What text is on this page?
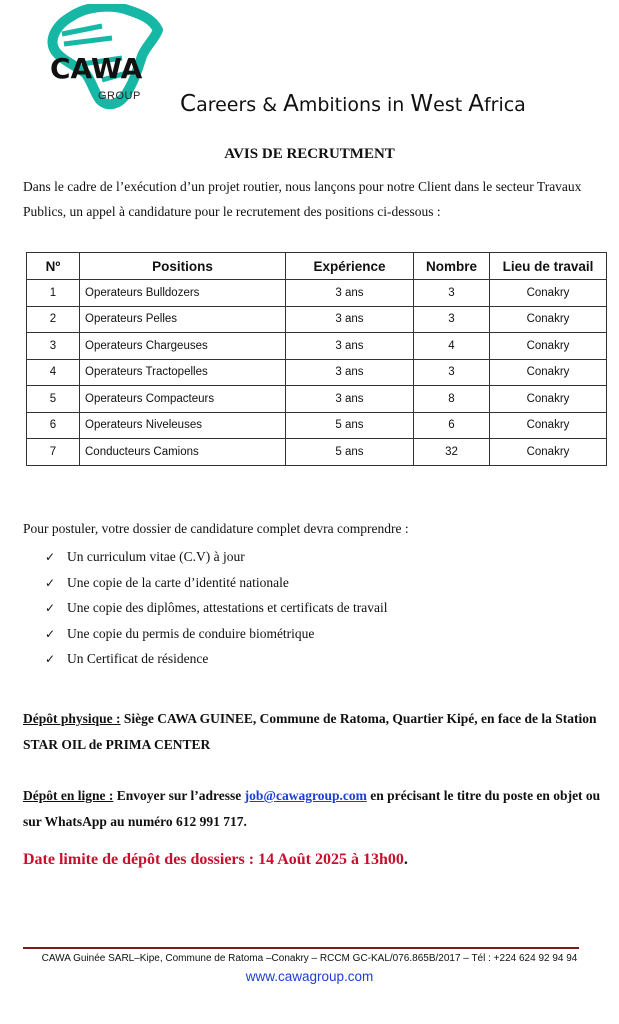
CAWA
GROUP Careers & Ambitions in West Africa
AVIS DE RECRUTMENT
Dans le cadre de l’exécution d’un projet routier, nous lançons pour notre Client dans le secteur Travaux Publics, un appel à candidature pour le recrutement des positions ci-dessous :
Nº	Positions	Expérience	Nombre	Lieu de travail
1	Operateurs Bulldozers	3 ans	3	Conakry
2	Operateurs Pelles	3 ans	3	Conakry
3	Operateurs Chargeuses	3 ans	4	Conakry
4	Operateurs Tractopelles	3 ans	3	Conakry
5	Operateurs Compacteurs	3 ans	8	Conakry
6	Operateurs Niveleuses	5 ans	6	Conakry
7	Conducteurs Camions	5 ans	32	Conakry
Pour postuler, votre dossier de candidature complet devra comprendre :
✓ Un curriculum vitae (C.V) à jour
✓ Une copie de la carte d’identité nationale
✓ Une copie des diplômes, attestations et certificats de travail
✓ Une copie du permis de conduire biométrique
✓ Un Certificat de résidence
Dépôt physique : Siège CAWA GUINEE, Commune de Ratoma, Quartier Kipé, en face de la Station STAR OIL de PRIMA CENTER
Dépôt en ligne : Envoyer sur l’adresse job@cawagroup.com en précisant le titre du poste en objet ou sur WhatsApp au numéro 612 991 717.
Date limite de dépôt des dossiers : 14 Août 2025 à 13h00.
CAWA Guinée SARL–Kipe, Commune de Ratoma –Conakry – RCCM GC-KAL/076.865B/2017 – Tél : +224 624 92 94 94
www.cawagroup.com
